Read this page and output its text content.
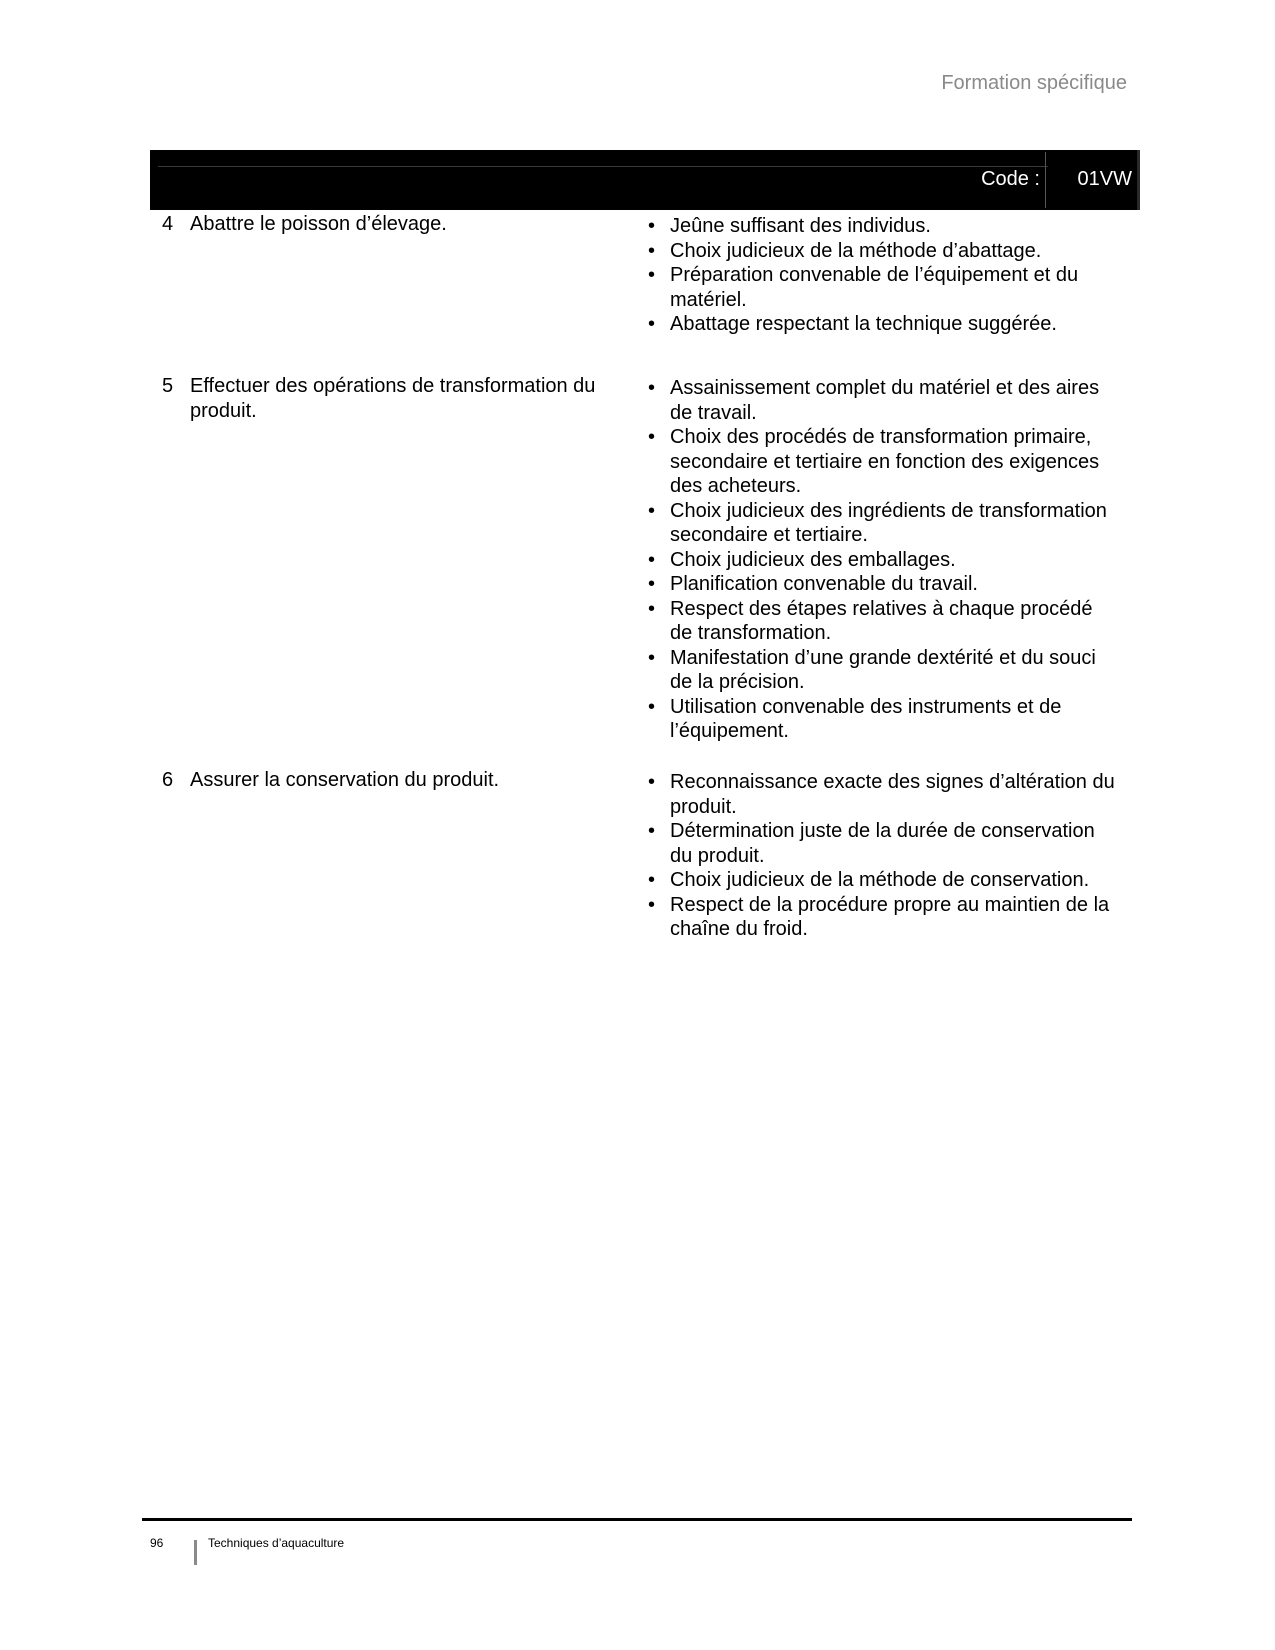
Formation spécifique
Code : 01VW
4 Abattre le poisson d’élevage.	• Jeûne suffisant des individus.
• Choix judicieux de la méthode d’abattage.
• Préparation convenable de l’équipement et du matériel.
• Abattage respectant la technique suggérée.
5 Effectuer des opérations de transformation du produit.
• Assainissement complet du matériel et des aires de travail.
• Choix des procédés de transformation primaire, secondaire et tertiaire en fonction des exigences des acheteurs.
• Choix judicieux des ingrédients de transformation secondaire et tertiaire.
• Choix judicieux des emballages.
• Planification convenable du travail.
• Respect des étapes relatives à chaque procédé de transformation.
• Manifestation d’une grande dextérité et du souci de la précision.
• Utilisation convenable des instruments et de l’équipement.
6 Assurer la conservation du produit.	• Reconnaissance exacte des signes d’altération du produit.
• Détermination juste de la durée de conservation du produit.
• Choix judicieux de la méthode de conservation.
• Respect de la procédure propre au maintien de la chaîne du froid.
96	Techniques d’aquaculture
